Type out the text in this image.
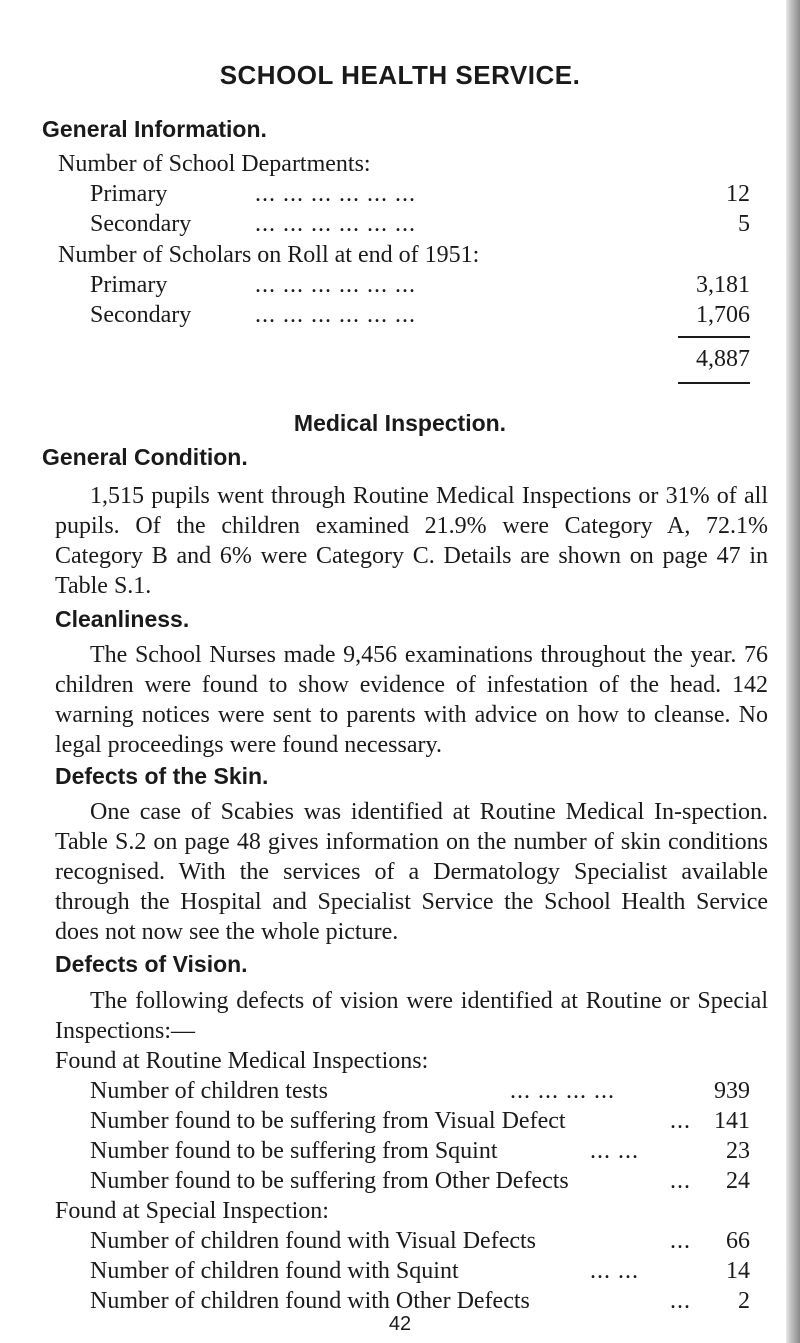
SCHOOL HEALTH SERVICE.
General Information.
Number of School Departments:
Primary	... ... ... ... ... ...	12
Secondary	... ... ... ... ... ...	5
Number of Scholars on Roll at end of 1951:
Primary	... ... ... ... ... ...	3,181
Secondary	... ... ... ... ... ...	1,706
4,887
Medical Inspection.
General Condition.

1,515 pupils went through Routine Medical Inspections or 31% of all pupils. Of the children examined 21.9% were Category A, 72.1% Category B and 6% were Category C. Details are shown on page 47 in Table S.1.

Cleanliness.

The School Nurses made 9,456 examinations throughout the year. 76 children were found to show evidence of infestation of the head. 142 warning notices were sent to parents with advice on how to cleanse. No legal proceedings were found necessary.

Defects of the Skin.

One case of Scabies was identified at Routine Medical In-spection. Table S.2 on page 48 gives information on the number of skin conditions recognised. With the services of a Dermatology Specialist available through the Hospital and Specialist Service the School Health Service does not now see the whole picture.

Defects of Vision.

The following defects of vision were identified at Routine or Special Inspections:—

Found at Routine Medical Inspections:
Number of children tests	... ... ... ...	939
Number found to be suffering from Visual Defect	... 141
Number found to be suffering from Squint	... ...	23
Number found to be suffering from Other Defects	... 24
Found at Special Inspection:
Number of children found with Visual Defects	... 66
Number of children found with Squint	... ...	14
Number of children found with Other Defects	... 2
42
